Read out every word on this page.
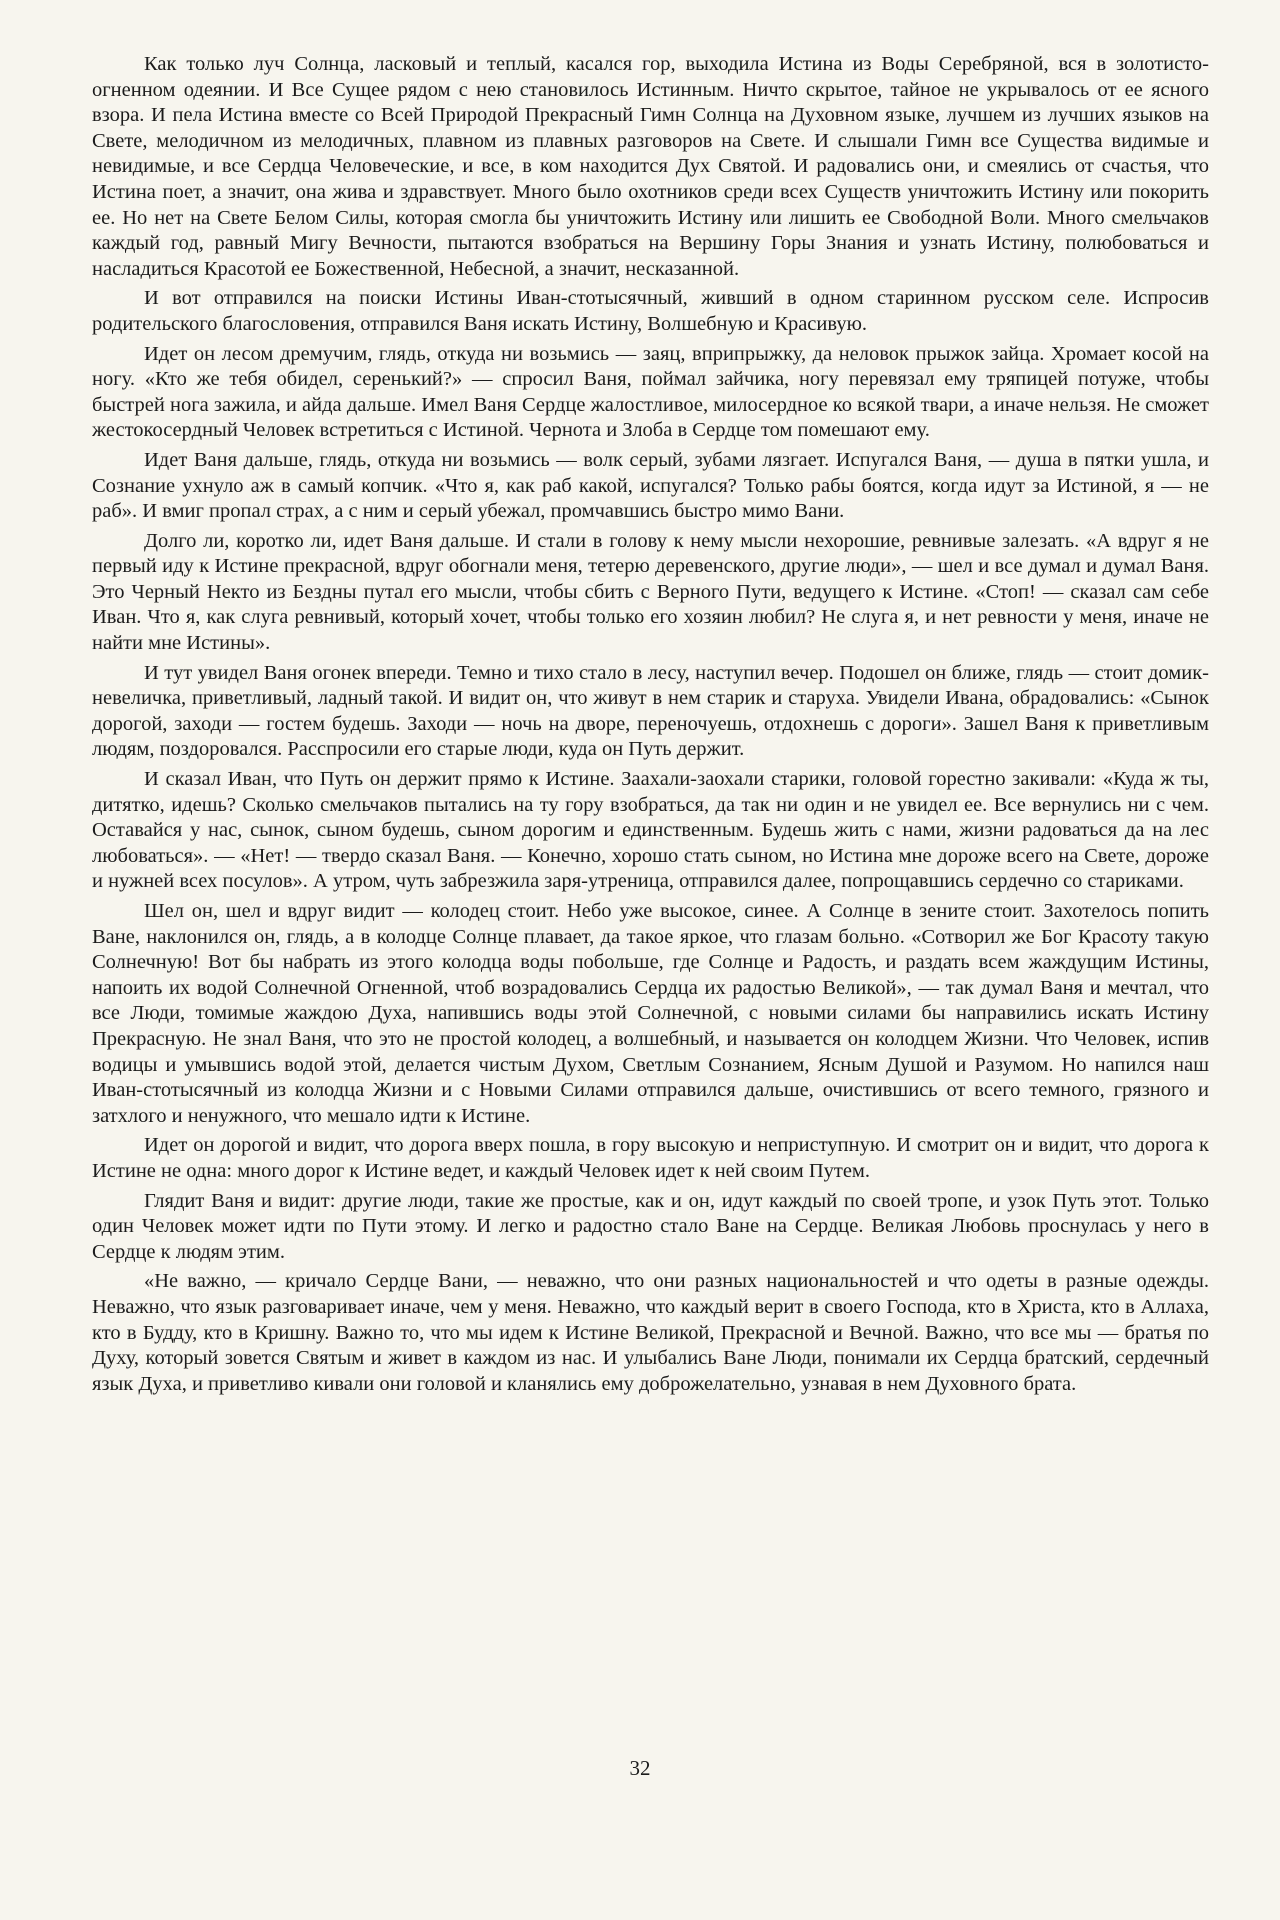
Как только луч Солнца, ласковый и теплый, касался гор, выходила Истина из Воды Серебряной, вся в золотисто-огненном одеянии. И Все Сущее рядом с нею становилось Истинным. Ничто скрытое, тайное не укрывалось от ее ясного взора. И пела Истина вместе со Всей Природой Прекрасный Гимн Солнца на Духовном языке, лучшем из лучших языков на Свете, мелодичном из мелодичных, плавном из плавных разговоров на Свете. И слышали Гимн все Существа видимые и невидимые, и все Сердца Человеческие, и все, в ком находится Дух Святой. И радовались они, и смеялись от счастья, что Истина поет, а значит, она жива и здравствует. Много было охотников среди всех Существ уничтожить Истину или покорить ее. Но нет на Свете Белом Силы, которая смогла бы уничтожить Истину или лишить ее Свободной Воли. Много смельчаков каждый год, равный Мигу Вечности, пытаются взобраться на Вершину Горы Знания и узнать Истину, полюбоваться и насладиться Красотой ее Божественной, Небесной, а значит, несказанной.

И вот отправился на поиски Истины Иван-стотысячный, живший в одном старинном русском селе. Испросив родительского благословения, отправился Ваня искать Истину, Волшебную и Красивую.

Идет он лесом дремучим, глядь, откуда ни возьмись — заяц, вприпрыжку, да неловок прыжок зайца. Хромает косой на ногу. «Кто же тебя обидел, серенький?» — спросил Ваня, поймал зайчика, ногу перевязал ему тряпицей потуже, чтобы быстрей нога зажила, и айда дальше. Имел Ваня Сердце жалостливое, милосердное ко всякой твари, а иначе нельзя. Не сможет жестокосердный Человек встретиться с Истиной. Чернота и Злоба в Сердце том помешают ему.

Идет Ваня дальше, глядь, откуда ни возьмись — волк серый, зубами лязгает. Испугался Ваня, — душа в пятки ушла, и Сознание ухнуло аж в самый копчик. «Что я, как раб какой, испугался? Только рабы боятся, когда идут за Истиной, я — не раб». И вмиг пропал страх, а с ним и серый убежал, промчавшись быстро мимо Вани.

Долго ли, коротко ли, идет Ваня дальше. И стали в голову к нему мысли нехорошие, ревнивые залезать. «А вдруг я не первый иду к Истине прекрасной, вдруг обогнали меня, тетерю деревенского, другие люди», — шел и все думал и думал Ваня. Это Черный Некто из Бездны путал его мысли, чтобы сбить с Верного Пути, ведущего к Истине. «Стоп! — сказал сам себе Иван. Что я, как слуга ревнивый, который хочет, чтобы только его хозяин любил? Не слуга я, и нет ревности у меня, иначе не найти мне Истины».

И тут увидел Ваня огонек впереди. Темно и тихо стало в лесу, наступил вечер. Подошел он ближе, глядь — стоит домик-невеличка, приветливый, ладный такой. И видит он, что живут в нем старик и старуха. Увидели Ивана, обрадовались: «Сынок дорогой, заходи — гостем будешь. Заходи — ночь на дворе, переночуешь, отдохнешь с дороги». Зашел Ваня к приветливым людям, поздоровался. Расспросили его старые люди, куда он Путь держит.

И сказал Иван, что Путь он держит прямо к Истине. Заахали-заохали старики, головой горестно закивали: «Куда ж ты, дитятко, идешь? Сколько смельчаков пытались на ту гору взобраться, да так ни один и не увидел ее. Все вернулись ни с чем. Оставайся у нас, сынок, сыном будешь, сыном дорогим и единственным. Будешь жить с нами, жизни радоваться да на лес любоваться». — «Нет! — твердо сказал Ваня. — Конечно, хорошо стать сыном, но Истина мне дороже всего на Свете, дороже и нужней всех посулов». А утром, чуть забрезжила заря-утреница, отправился далее, попрощавшись сердечно со стариками.

Шел он, шел и вдруг видит — колодец стоит. Небо уже высокое, синее. А Солнце в зените стоит. Захотелось попить Ване, наклонился он, глядь, а в колодце Солнце плавает, да такое яркое, что глазам больно. «Сотворил же Бог Красоту такую Солнечную! Вот бы набрать из этого колодца воды побольше, где Солнце и Радость, и раздать всем жаждущим Истины, напоить их водой Солнечной Огненной, чтоб возрадовались Сердца их радостью Великой», — так думал Ваня и мечтал, что все Люди, томимые жаждою Духа, напившись воды этой Солнечной, с новыми силами бы направились искать Истину Прекрасную. Не знал Ваня, что это не простой колодец, а волшебный, и называется он колодцем Жизни. Что Человек, испив водицы и умывшись водой этой, делается чистым Духом, Светлым Сознанием, Ясным Душой и Разумом. Но напился наш Иван-стотысячный из колодца Жизни и с Новыми Силами отправился дальше, очистившись от всего темного, грязного и затхлого и ненужного, что мешало идти к Истине.

Идет он дорогой и видит, что дорога вверх пошла, в гору высокую и неприступную. И смотрит он и видит, что дорога к Истине не одна: много дорог к Истине ведет, и каждый Человек идет к ней своим Путем.

Глядит Ваня и видит: другие люди, такие же простые, как и он, идут каждый по своей тропе, и узок Путь этот. Только один Человек может идти по Пути этому. И легко и радостно стало Ване на Сердце. Великая Любовь проснулась у него в Сердце к людям этим.

«Не важно, — кричало Сердце Вани, — неважно, что они разных национальностей и что одеты в разные одежды. Неважно, что язык разговаривает иначе, чем у меня. Неважно, что каждый верит в своего Господа, кто в Христа, кто в Аллаха, кто в Будду, кто в Кришну. Важно то, что мы идем к Истине Великой, Прекрасной и Вечной. Важно, что все мы — братья по Духу, который зовется Святым и живет в каждом из нас. И улыбались Ване Люди, понимали их Сердца братский, сердечный язык Духа, и приветливо кивали они головой и кланялись ему доброжелательно, узнавая в нем Духовного брата.

32
